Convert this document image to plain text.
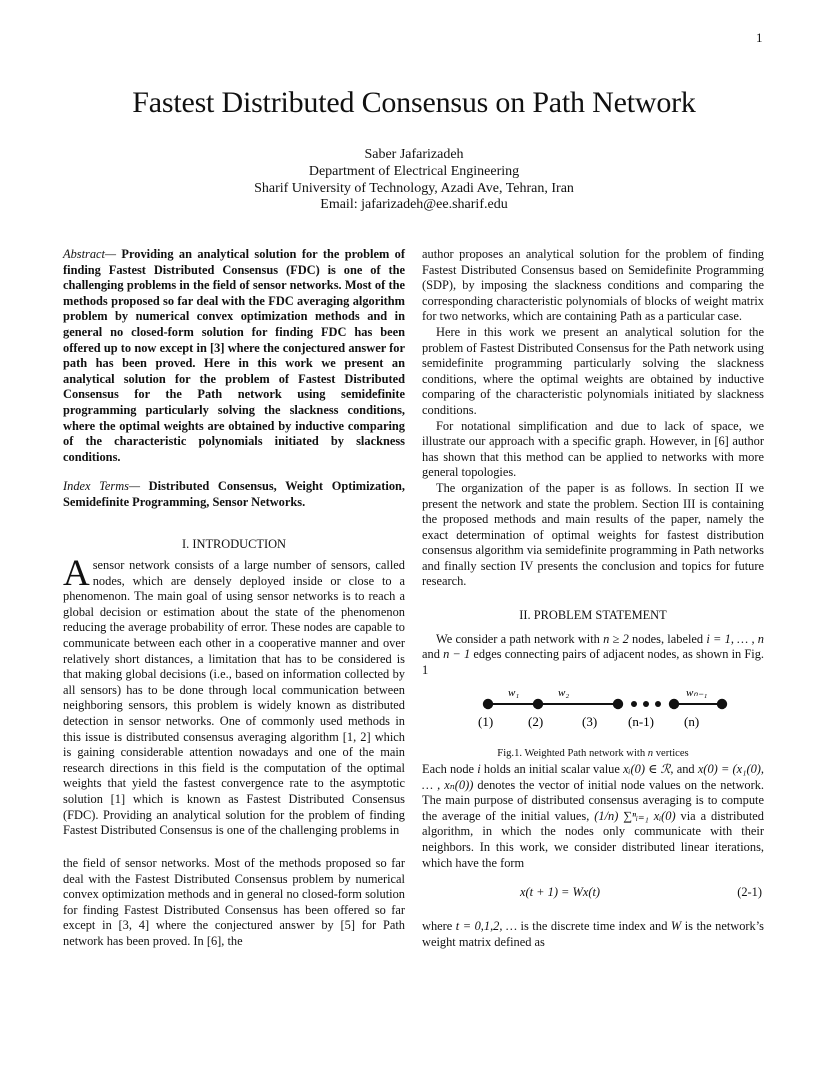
1
Fastest Distributed Consensus on Path Network
Saber Jafarizadeh
Department of Electrical Engineering
Sharif University of Technology, Azadi Ave, Tehran, Iran
Email: jafarizadeh@ee.sharif.edu

Abstract— Providing an analytical solution for the problem of finding Fastest Distributed Consensus (FDC) is one of the challenging problems in the field of sensor networks. Most of the methods proposed so far deal with the FDC averaging algorithm problem by numerical convex optimization methods and in general no closed-form solution for finding FDC has been offered up to now except in [3] where the conjectured answer for path has been proved. Here in this work we present an analytical solution for the problem of Fastest Distributed Consensus for the Path network using semidefinite programming particularly solving the slackness conditions, where the optimal weights are obtained by inductive comparing of the characteristic polynomials initiated by slackness conditions.

Index Terms— Distributed Consensus, Weight Optimization, Semidefinite Programming, Sensor Networks.

I. INTRODUCTION

Asensor network consists of a large number of sensors, called nodes, which are densely deployed inside or close to a phenomenon. The main goal of using sensor networks is to reach a global decision or estimation about the state of the phenomenon reducing the average probability of error. These nodes are capable to communicate between each other in a cooperative manner and over relatively short distances, a limitation that has to be considered is that making global decisions (i.e., based on information collected by all sensors) has to be done through local communication between neighboring sensors, this problem is widely known as distributed detection in sensor networks. One of commonly used methods in this issue is distributed consensus averaging algorithm [1, 2] which is gaining considerable attention nowadays and one of the main research directions in this field is the computation of the optimal weights that yield the fastest convergence rate to the asymptotic solution [1] which is known as Fastest Distributed Consensus (FDC). Providing an analytical solution for the problem of finding Fastest Distributed Consensus is one of the challenging problems in

the field of sensor networks. Most of the methods proposed so far deal with the Fastest Distributed Consensus problem by numerical convex optimization methods and in general no closed-form solution for finding Fastest Distributed Consensus has been offered so far except in [3, 4] where the conjectured answer by [5] for Path network has been proved. In [6], the

author proposes an analytical solution for the problem of finding Fastest Distributed Consensus based on Semidefinite Programming (SDP), by imposing the slackness conditions and comparing the corresponding characteristic polynomials of blocks of weight matrix for two networks, which are containing Path as a particular case.

Here in this work we present an analytical solution for the problem of Fastest Distributed Consensus for the Path network using semidefinite programming particularly solving the slackness conditions, where the optimal weights are obtained by inductive comparing of the characteristic polynomials initiated by slackness conditions.

For notational simplification and due to lack of space, we illustrate our approach with a specific graph. However, in [6] author has shown that this method can be applied to networks with more general topologies.

The organization of the paper is as follows. In section II we present the network and state the problem. Section III is containing the proposed methods and main results of the paper, namely the exact determination of optimal weights for fastest distribution consensus algorithm via semidefinite programming in Path networks and finally section IV presents the conclusion and topics for future research.

II. PROBLEM STATEMENT

We consider a path network with n ≥ 2 nodes, labeled i = 1, … , n and n − 1 edges connecting pairs of adjacent nodes, as shown in Fig. 1

w₁	w₂	wₙ₋₁
(1)	(2)	(3) (n-1) (n)

Fig.1. Weighted Path network with n vertices

Each node i holds an initial scalar value xᵢ(0) ∈ ℛ, and x(0) = (x₁(0), … , xₙ(0)) denotes the vector of initial node values on the network. The main purpose of distributed consensus averaging is to compute the average of the initial values, (1/n) ∑ⁿᵢ₌₁ xᵢ(0) via a distributed algorithm, in which the nodes only communicate with their neighbors. In this work, we consider distributed linear iterations, which have the form

x(t + 1) = Wx(t)	(2-1)

where t = 0,1,2, … is the discrete time index and W is the network’s weight matrix defined as
